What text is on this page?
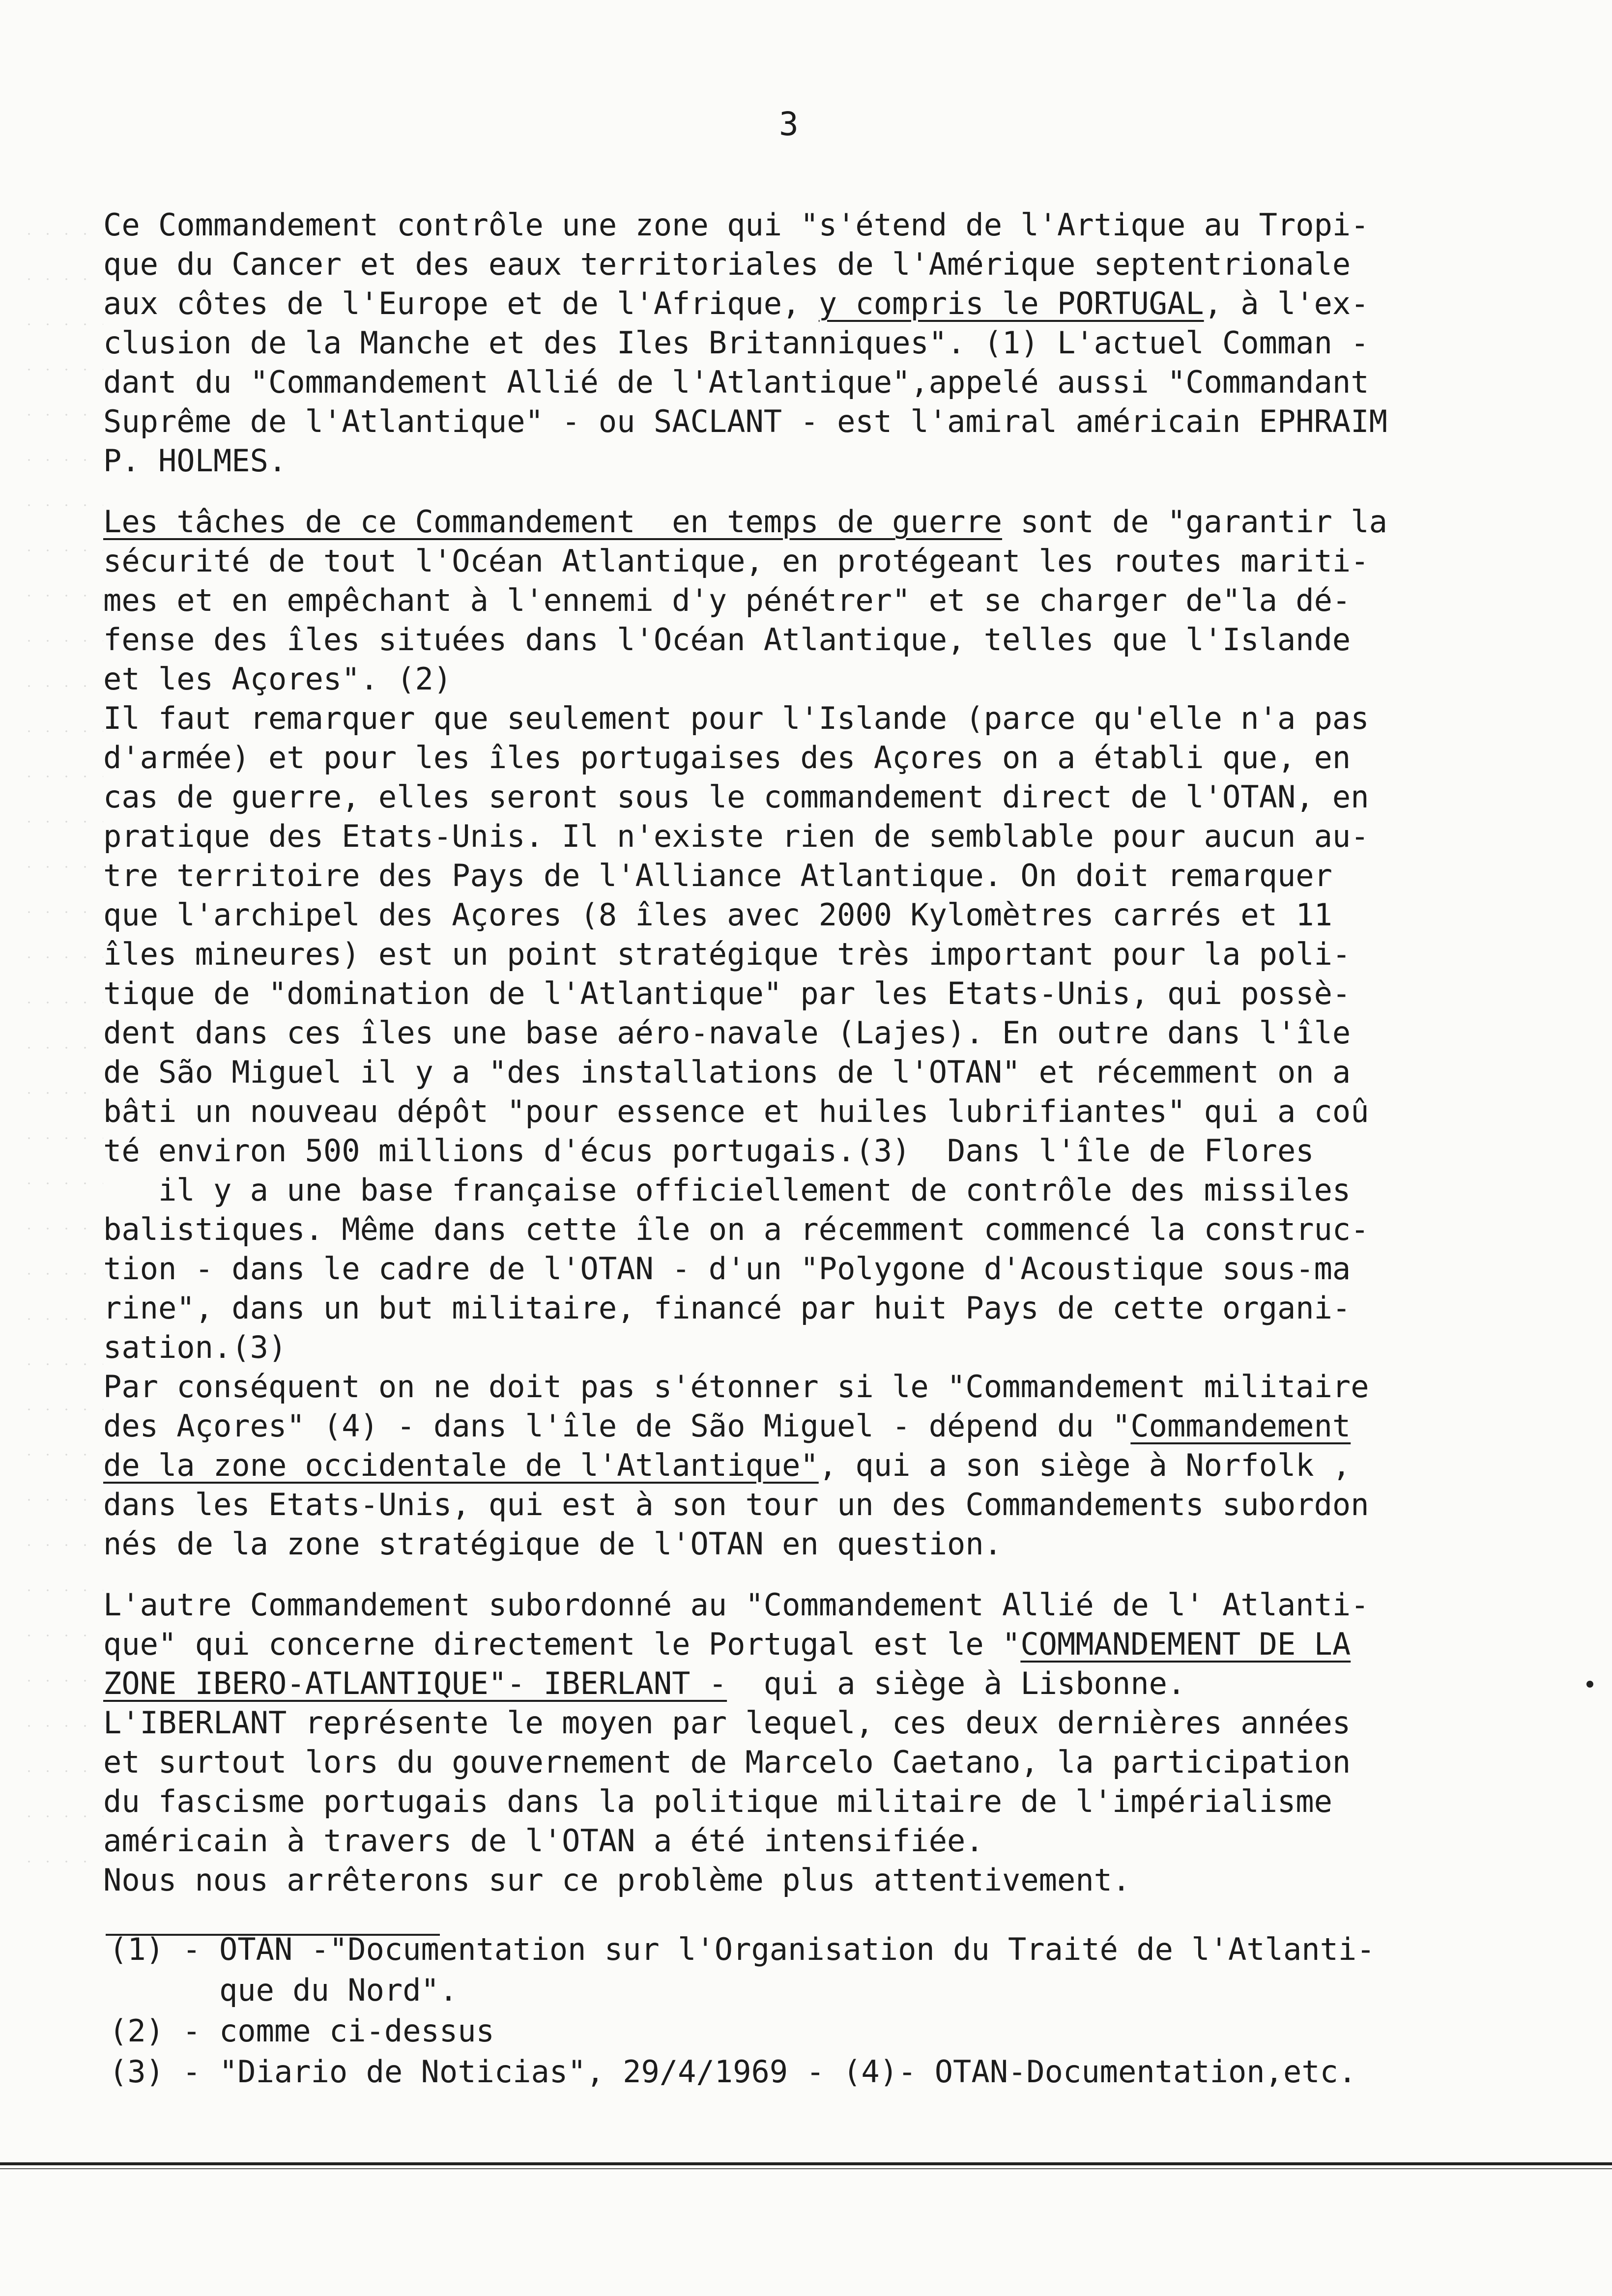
3
Ce Commandement contrôle une zone qui "s'étend de l'Artique au Tropi-
que du Cancer et des eaux territoriales de l'Amérique septentrionale
aux côtes de l'Europe et de l'Afrique, y compris le PORTUGAL, à l'ex-
clusion de la Manche et des Iles Britanniques". (1) L'actuel Comman -
dant du "Commandement Allié de l'Atlantique",appelé aussi "Commandant
Suprême de l'Atlantique" - ou SACLANT - est l'amiral américain EPHRAIM
P. HOLMES.
Les tâches de ce Commandement  en temps de guerre sont de "garantir la
sécurité de tout l'Océan Atlantique, en protégeant les routes mariti-
mes et en empêchant à l'ennemi d'y pénétrer" et se charger de"la dé-
fense des îles situées dans l'Océan Atlantique, telles que l'Islande
et les Açores". (2)
Il faut remarquer que seulement pour l'Islande (parce qu'elle n'a pas
d'armée) et pour les îles portugaises des Açores on a établi que, en
cas de guerre, elles seront sous le commandement direct de l'OTAN, en
pratique des Etats-Unis. Il n'existe rien de semblable pour aucun au-
tre territoire des Pays de l'Alliance Atlantique. On doit remarquer
que l'archipel des Açores (8 îles avec 2000 Kylomètres carrés et 11
îles mineures) est un point stratégique très important pour la poli-
tique de "domination de l'Atlantique" par les Etats-Unis, qui possè-
dent dans ces îles une base aéro-navale (Lajes). En outre dans l'île
de São Miguel il y a "des installations de l'OTAN" et récemment on a
bâti un nouveau dépôt "pour essence et huiles lubrifiantes" qui a coû
té environ 500 millions d'écus portugais.(3)  Dans l'île de Flores
il y a une base française officiellement de contrôle des missiles
balistiques. Même dans cette île on a récemment commencé la construc-
tion - dans le cadre de l'OTAN - d'un "Polygone d'Acoustique sous-ma
rine", dans un but militaire, financé par huit Pays de cette organi-
sation.(3)
Par conséquent on ne doit pas s'étonner si le "Commandement militaire
des Açores" (4) - dans l'île de São Miguel - dépend du "Commandement
de la zone occidentale de l'Atlantique", qui a son siège à Norfolk ,
dans les Etats-Unis, qui est à son tour un des Commandements subordon
nés de la zone stratégique de l'OTAN en question.
L'autre Commandement subordonné au "Commandement Allié de l' Atlanti-
que" qui concerne directement le Portugal est le "COMMANDEMENT DE LA
ZONE IBERO-ATLANTIQUE"- IBERLANT -  qui a siège à Lisbonne.
L'IBERLANT représente le moyen par lequel, ces deux dernières années
et surtout lors du gouvernement de Marcelo Caetano, la participation
du fascisme portugais dans la politique militaire de l'impérialisme
américain à travers de l'OTAN a été intensifiée.
Nous nous arrêterons sur ce problème plus attentivement.
(1) - OTAN -"Documentation sur l'Organisation du Traité de l'Atlanti-
que du Nord".
(2) - comme ci-dessus
(3) - "Diario de Noticias", 29/4/1969 - (4)- OTAN-Documentation,etc.
